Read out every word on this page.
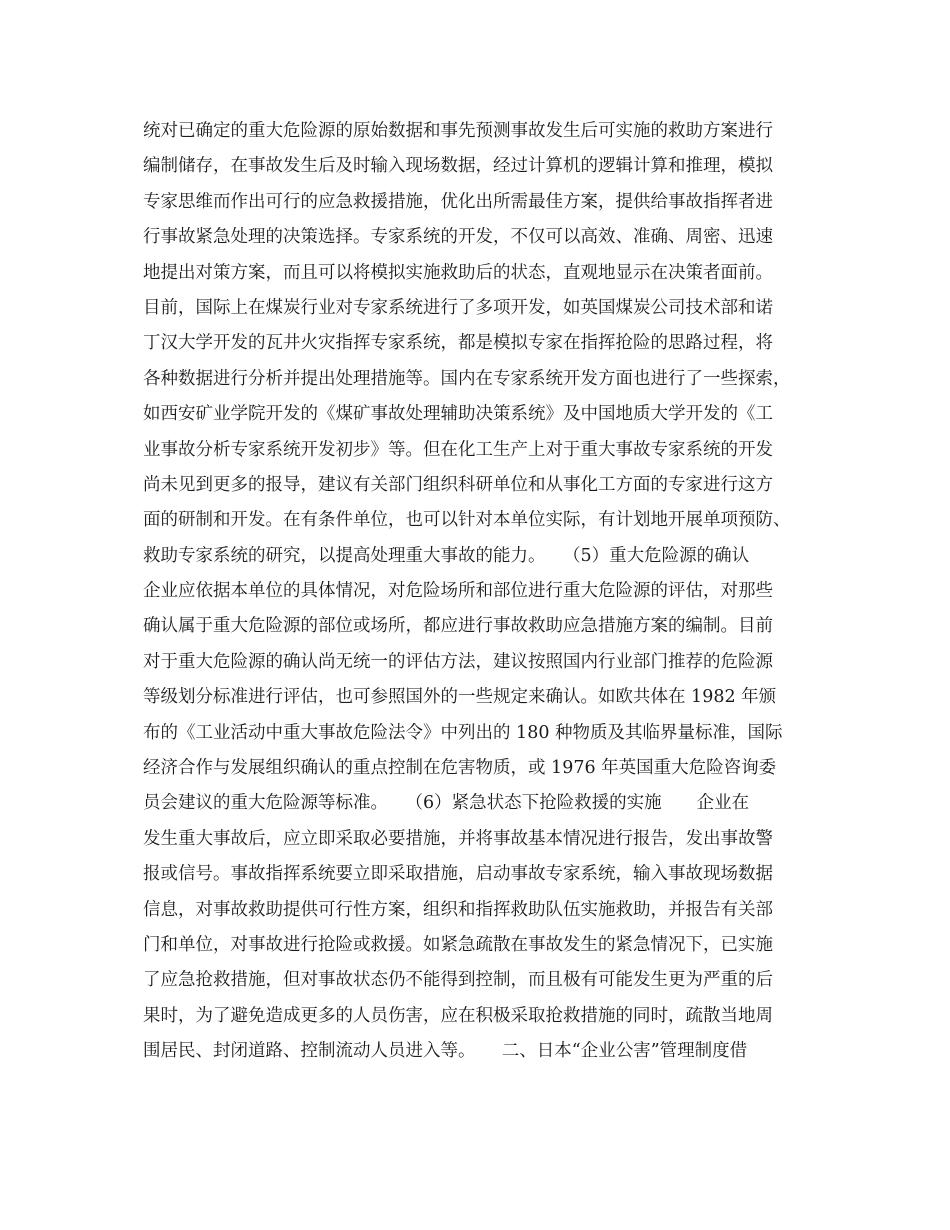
统对已确定的重大危险源的原始数据和事先预测事故发生后可实施的救助方案进行
编制储存，在事故发生后及时输入现场数据，经过计算机的逻辑计算和推理，模拟
专家思维而作出可行的应急救援措施，优化出所需最佳方案，提供给事故指挥者进
行事故紧急处理的决策选择。专家系统的开发，不仅可以高效、准确、周密、迅速
地提出对策方案，而且可以将模拟实施救助后的状态，直观地显示在决策者面前。
目前，国际上在煤炭行业对专家系统进行了多项开发，如英国煤炭公司技术部和诺
丁汉大学开发的瓦井火灾指挥专家系统，都是模拟专家在指挥抢险的思路过程，将
各种数据进行分析并提出处理措施等。国内在专家系统开发方面也进行了一些探索，
如西安矿业学院开发的《煤矿事故处理辅助决策系统》及中国地质大学开发的《工
业事故分析专家系统开发初步》等。但在化工生产上对于重大事故专家系统的开发
尚未见到更多的报导，建议有关部门组织科研单位和从事化工方面的专家进行这方
面的研制和开发。在有条件单位，也可以针对本单位实际，有计划地开展单项预防、
救助专家系统的研究，以提高处理重大事故的能力。　　（5）重大危险源的确认
企业应依据本单位的具体情况，对危险场所和部位进行重大危险源的评估，对那些
确认属于重大危险源的部位或场所，都应进行事故救助应急措施方案的编制。目前
对于重大危险源的确认尚无统一的评估方法，建议按照国内行业部门推荐的危险源
等级划分标准进行评估，也可参照国外的一些规定来确认。如欧共体在 1982 年颁
布的《工业活动中重大事故危险法令》中列出的 180 种物质及其临界量标准，国际
经济合作与发展组织确认的重点控制在危害物质，或 1976 年英国重大危险咨询委
员会建议的重大危险源等标准。　　（6）紧急状态下抢险救援的实施　　企业在
发生重大事故后，应立即采取必要措施，并将事故基本情况进行报告，发出事故警
报或信号。事故指挥系统要立即采取措施，启动事故专家系统，输入事故现场数据
信息，对事故救助提供可行性方案，组织和指挥救助队伍实施救助，并报告有关部
门和单位，对事故进行抢险或救援。如紧急疏散在事故发生的紧急情况下，已实施
了应急抢救措施，但对事故状态仍不能得到控制，而且极有可能发生更为严重的后
果时，为了避免造成更多的人员伤害，应在积极采取抢救措施的同时，疏散当地周
围居民、封闭道路、控制流动人员进入等。　　二、日本“企业公害”管理制度借
